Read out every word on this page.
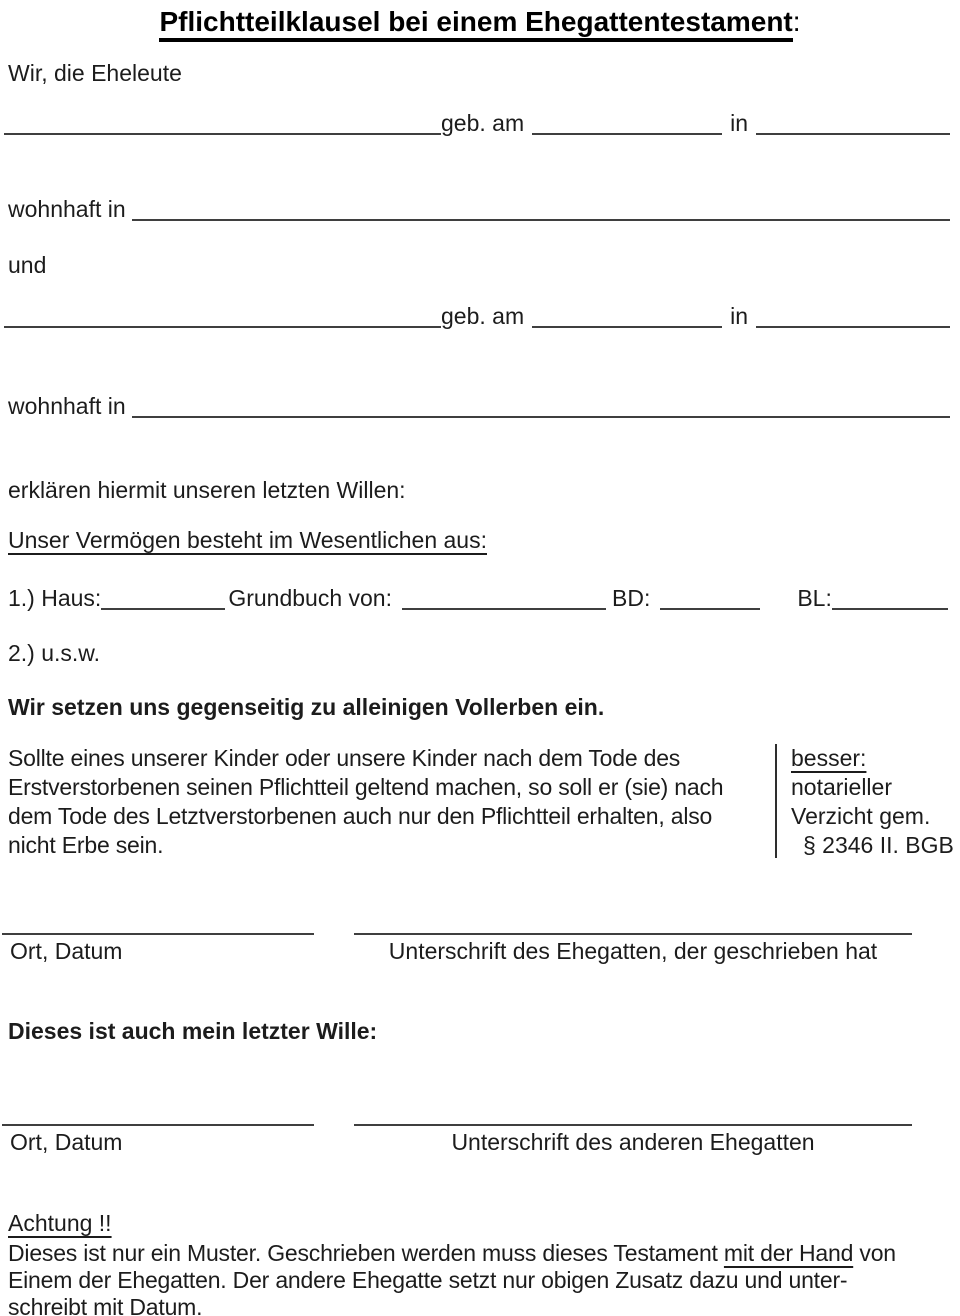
Pflichtteilklausel bei einem Ehegattentestament:
Wir, die Eheleute
geb. am	in
wohnhaft in
und
geb. am	in
wohnhaft in
erklären hiermit unseren letzten Willen:
Unser Vermögen besteht im Wesentlichen aus:
1.) Haus:	Grundbuch von:	BD:	BL:
2.) u.s.w.
Wir setzen uns gegenseitig zu alleinigen Vollerben ein.
Sollte eines unserer Kinder oder unsere Kinder nach dem Tode des
Erstverstorbenen seinen Pflichtteil geltend machen, so soll er (sie) nach
dem Tode des Letztverstorbenen auch nur den Pflichtteil erhalten, also
nicht Erbe sein.
besser:
notarieller
Verzicht gem.
§ 2346 II. BGB
Ort, Datum	Unterschrift des Ehegatten, der geschrieben hat
Dieses ist auch mein letzter Wille:
Ort, Datum	Unterschrift des anderen Ehegatten
Achtung !!
Dieses ist nur ein Muster. Geschrieben werden muss dieses Testament mit der Hand von
Einem der Ehegatten. Der andere Ehegatte setzt nur obigen Zusatz dazu und unter-
schreibt mit Datum.
